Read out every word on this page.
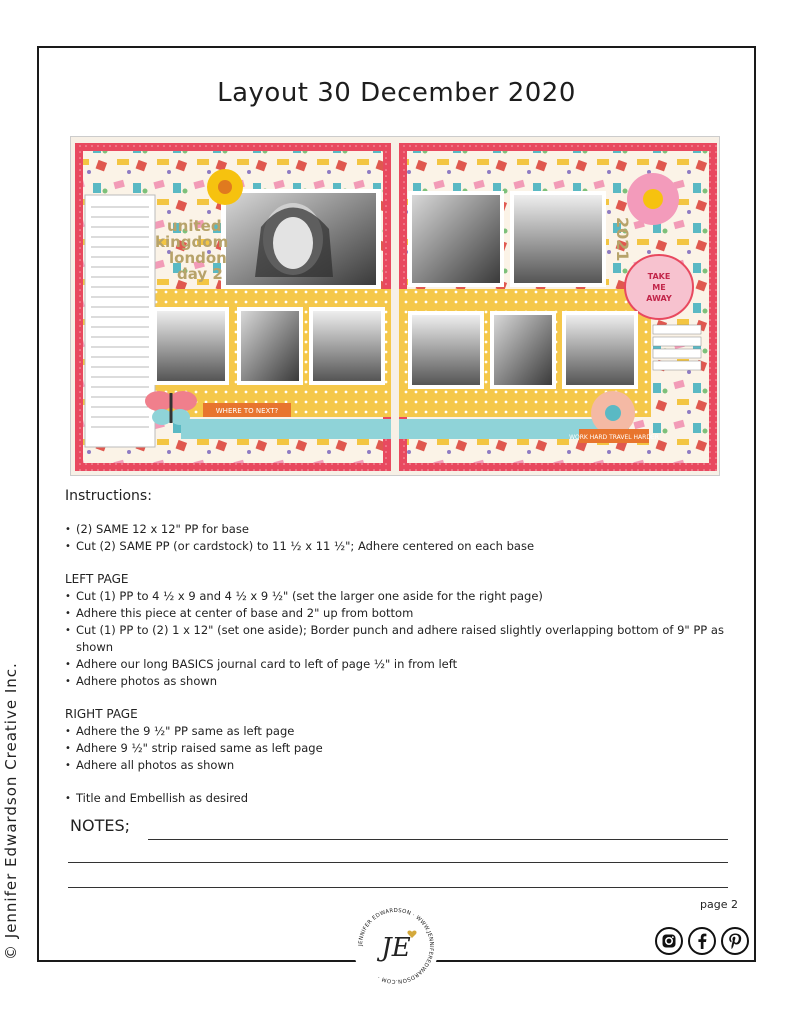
Layout 30 December 2020
© Jennifer Edwardson Creative Inc.
united
kingdom
london
day 2
WHERE TO NEXT?
2021
TAKE
ME
AWAY
WORK HARD TRAVEL HARDER
Instructions:
• (2) SAME 12 x 12" PP for base
• Cut (2) SAME PP (or cardstock) to 11 ½ x 11 ½"; Adhere centered on each base
LEFT PAGE
• Cut (1) PP to 4 ½ x 9 and 4 ½ x 9 ½" (set the larger one aside for the right page)
• Adhere this piece at center of base and 2" up from bottom
• Cut (1) PP to (2) 1 x 12" (set one aside); Border punch and adhere raised slightly overlapping bottom of 9" PP as shown
• Adhere our long BASICS journal card to left of page ½" in from left
• Adhere photos as shown
RIGHT PAGE
• Adhere the 9 ½" PP same as left page
• Adhere 9 ½" strip raised same as left page
• Adhere all photos as shown
• Title and Embellish as desired
NOTES;
page 2
JENNIFER EDWARDSON · WWW.JENNIFEREDWARDSON.COM ·
JE
